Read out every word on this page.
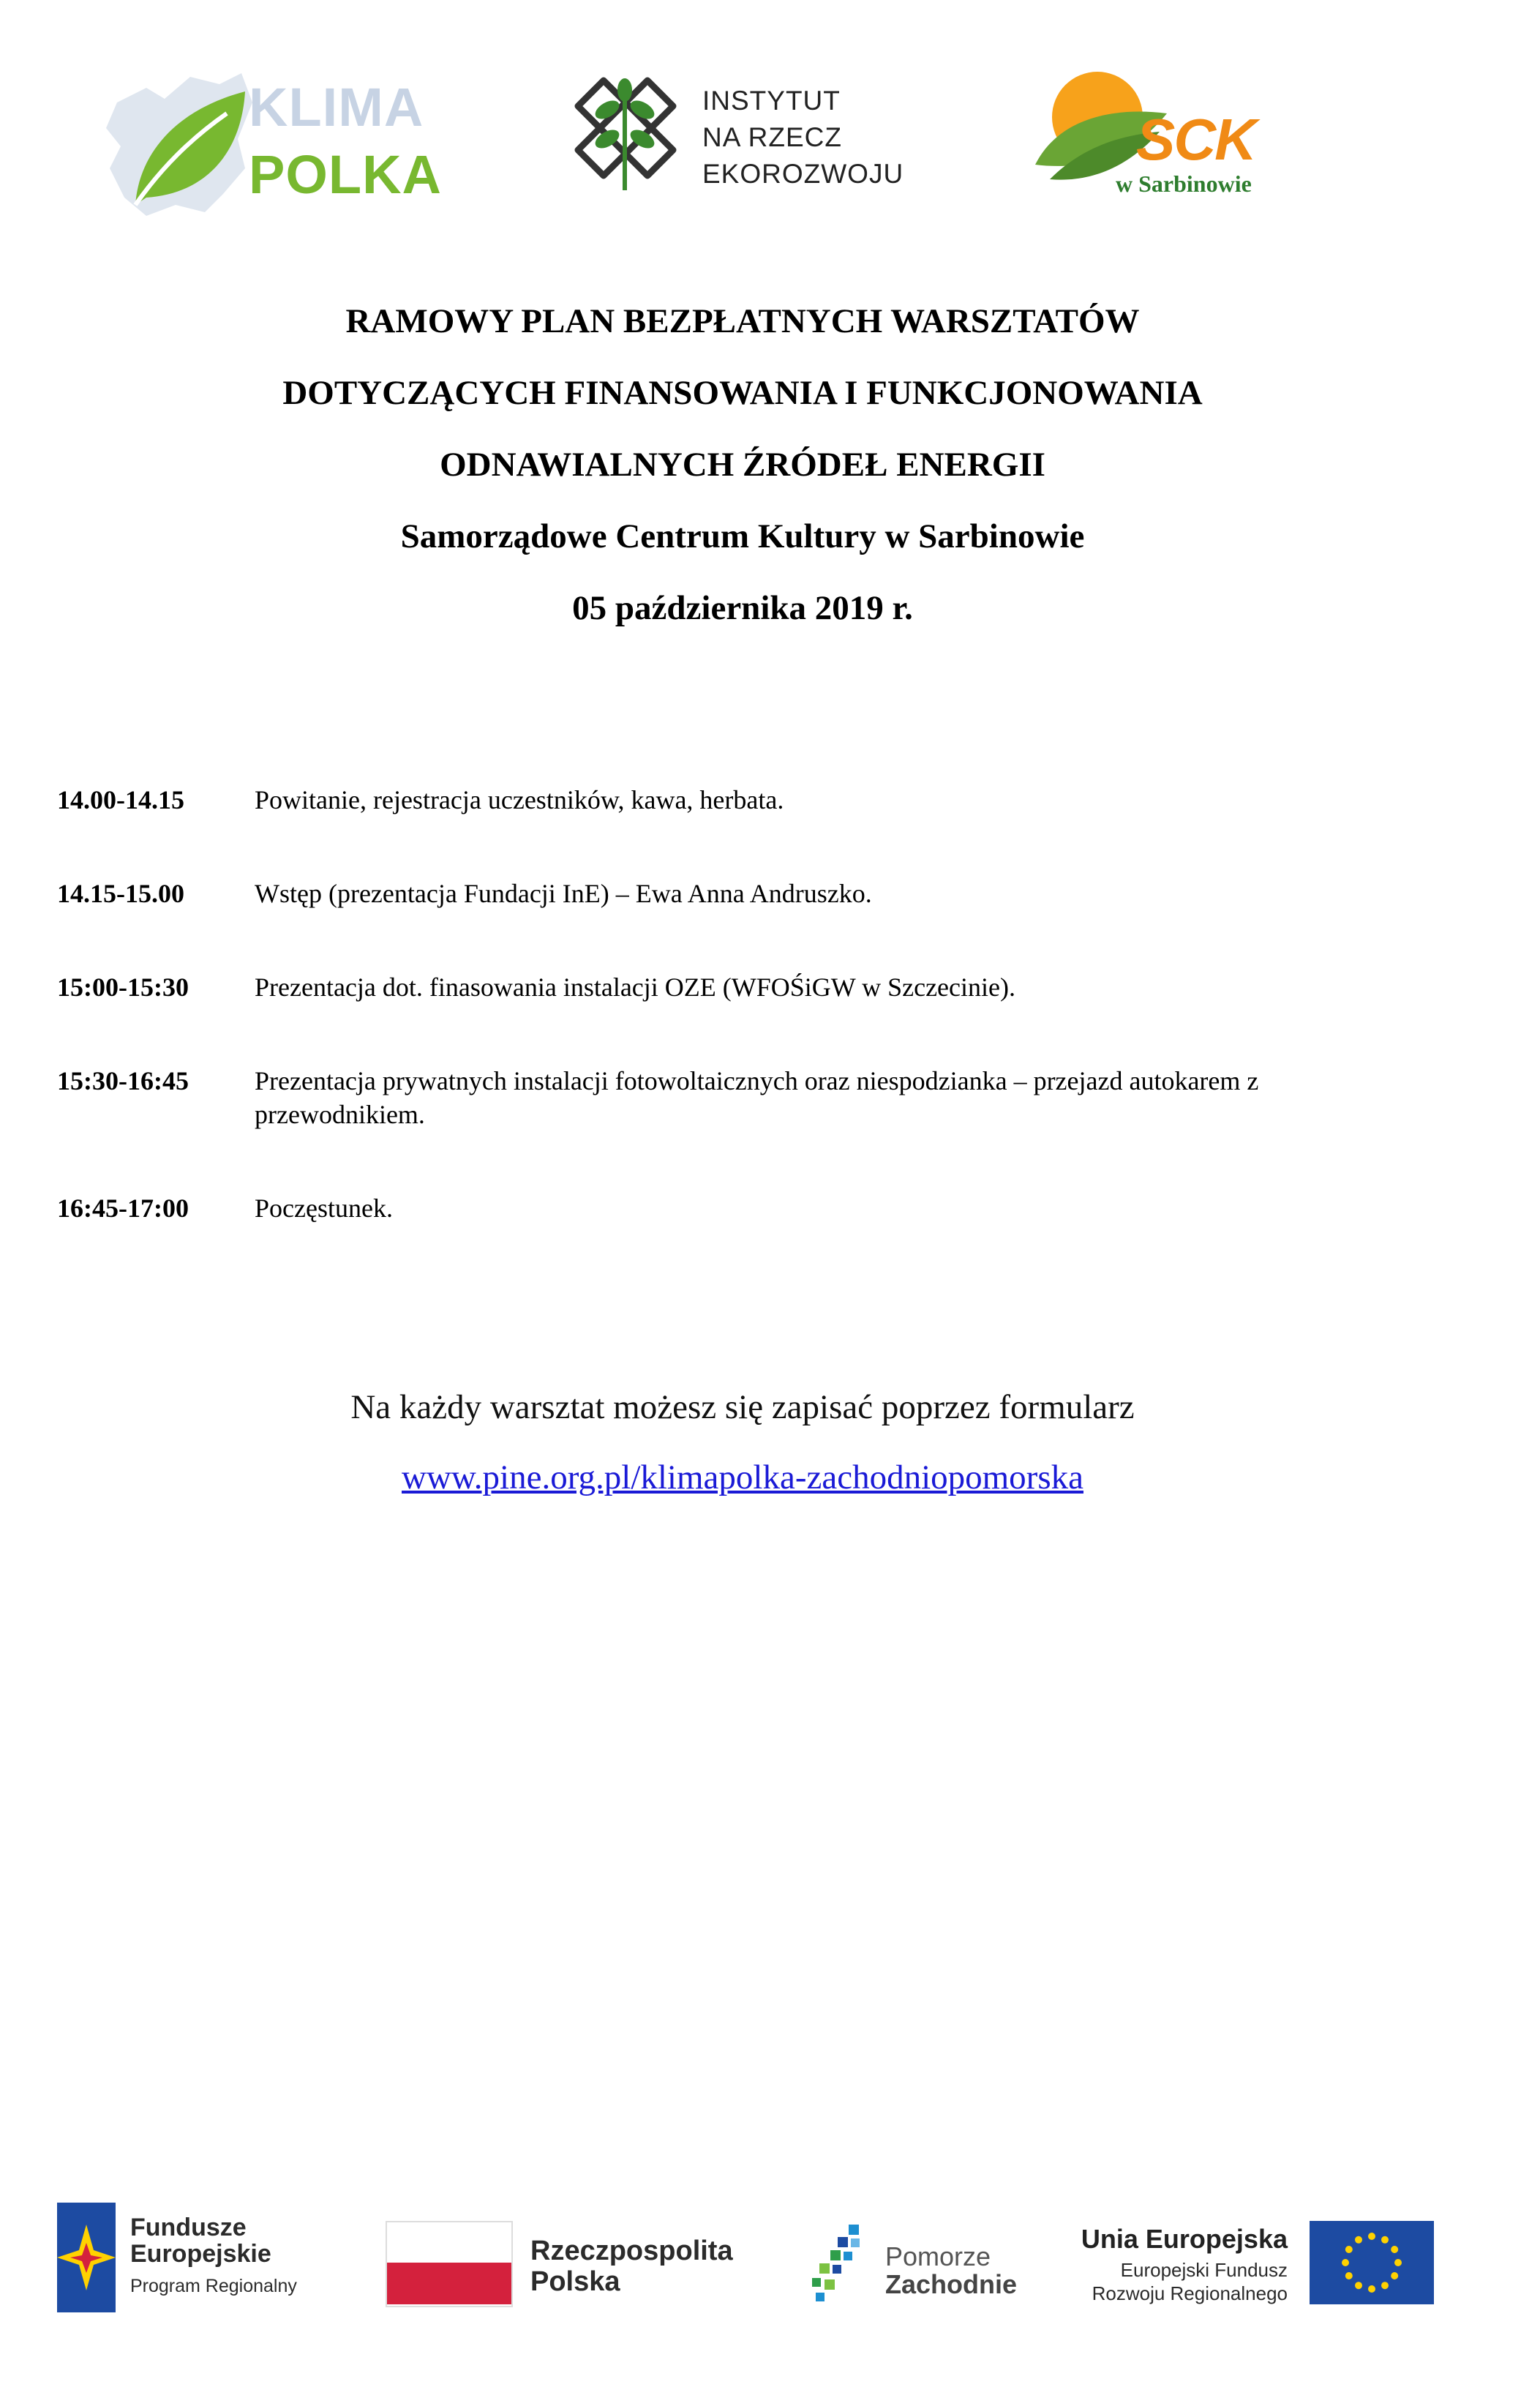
KLIMA
POLKA
INSTYTUT
NA RZECZ
EKOROZWOJU
SCK
w Sarbinowie
RAMOWY PLAN BEZPŁATNYCH WARSZTATÓW
DOTYCZĄCYCH FINANSOWANIA I FUNKCJONOWANIA
ODNAWIALNYCH ŹRÓDEŁ ENERGII
Samorządowe Centrum Kultury w Sarbinowie
05 października 2019 r.
14.00-14.15	Powitanie, rejestracja uczestników, kawa, herbata.
14.15-15.00	Wstęp (prezentacja Fundacji InE) – Ewa Anna Andruszko.
15:00-15:30	Prezentacja dot. finasowania instalacji OZE (WFOŚiGW w Szczecinie).
15:30-16:45	Prezentacja prywatnych instalacji fotowoltaicznych oraz niespodzianka – przejazd autokarem z przewodnikiem.
16:45-17:00	Poczęstunek.
Na każdy warsztat możesz się zapisać poprzez formularz
www.pine.org.pl/klimapolka-zachodniopomorska
Fundusze
Europejskie
Program Regionalny
Rzeczpospolita
Polska
Pomorze
Zachodnie
Unia Europejska
Europejski Fundusz
Rozwoju Regionalnego
